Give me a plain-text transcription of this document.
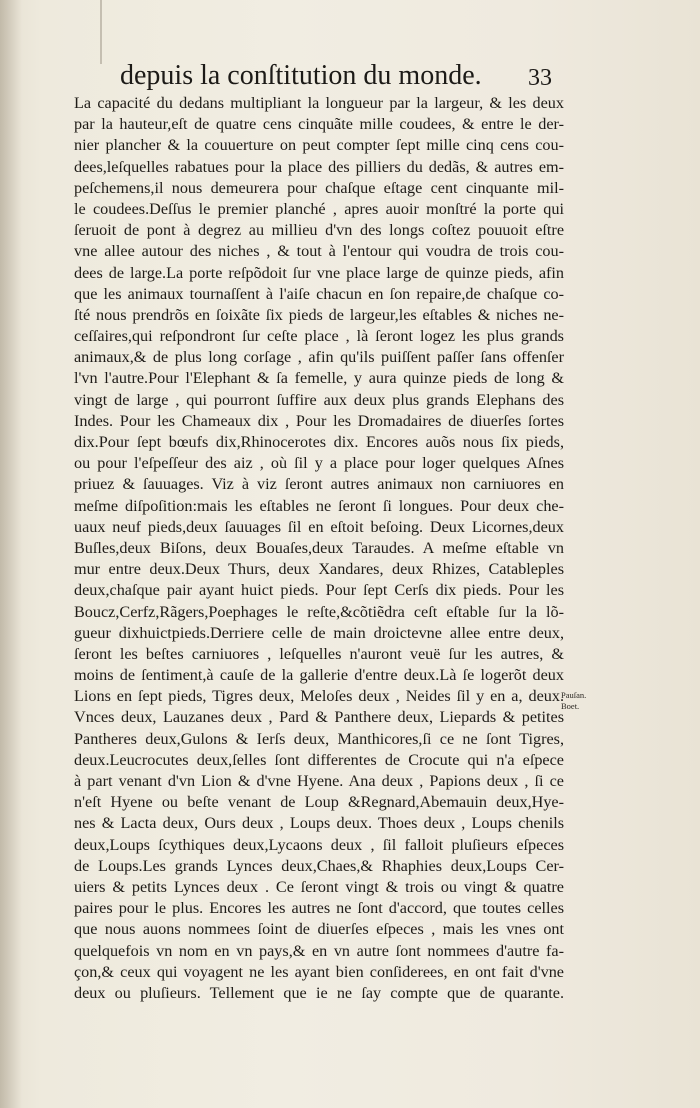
depuis la conſtitution du monde. 33
La capacité du dedans multipliant la longueur par la largeur, & les deux
par la hauteur,eſt de quatre cens cinquãte mille coudees, & entre le der-
nier plancher & la couuerture on peut compter ſept mille cinq cens cou-
dees,leſquelles rabatues pour la place des pilliers du dedãs, & autres em-
peſchemens,il nous demeurera pour chaſque eſtage cent cinquante mil-
le coudees.Deſſus le premier planché , apres auoir monſtré la porte qui
ſeruoit de pont à degrez au millieu d'vn des longs coſtez pouuoit eſtre
vne allee autour des niches , & tout à l'entour qui voudra de trois cou-
dees de large.La porte reſpõdoit ſur vne place large de quinze pieds, afin
que les animaux tournaſſent à l'aiſe chacun en ſon repaire,de chaſque co-
ſté nous prendrõs en ſoixãte ſix pieds de largeur,les eſtables & niches ne-
ceſſaires,qui reſpondront ſur ceſte place , là ſeront logez les plus grands
animaux,& de plus long corſage , afin qu'ils puiſſent paſſer ſans offenſer
l'vn l'autre.Pour l'Elephant & ſa femelle, y aura quinze pieds de long &
vingt de large , qui pourront ſuffire aux deux plus grands Elephans des
Indes. Pour les Chameaux dix , Pour les Dromadaires de diuerſes ſortes
dix.Pour ſept bœufs dix,Rhinocerotes dix. Encores auõs nous ſix pieds,
ou pour l'eſpeſſeur des aiz , où ſil y a place pour loger quelques Aſnes
priuez & ſauuages. Viz à viz ſeront autres animaux non carniuores en
meſme diſpoſition:mais les eſtables ne ſeront ſi longues. Pour deux che-
uaux neuf pieds,deux ſauuages ſil en eſtoit beſoing. Deux Licornes,deux
Buſles,deux Biſons, deux Bouaſes,deux Taraudes. A meſme eſtable vn
mur entre deux.Deux Thurs, deux Xandares, deux Rhizes, Catableples
deux,chaſque pair ayant huict pieds. Pour ſept Cerſs dix pieds. Pour les
Boucz,Cerfz,Rãgers,Poephages le reſte,&cõtiẽdra ceſt eſtable ſur la lõ-
gueur dixhuictpieds.Derriere celle de main droictevne allee entre deux,
ſeront les beſtes carniuores , leſquelles n'auront veuë ſur les autres, &
moins de ſentiment,à cauſe de la gallerie d'entre deux.Là ſe logerõt deux
Lions en ſept pieds, Tigres deux, Meloſes deux , Neides ſil y en a, deux.
Vnces deux, Lauzanes deux , Pard & Panthere deux, Liepards & petites
Pantheres deux,Gulons & Ierſs deux, Manthicores,ſi ce ne ſont Tigres,
deux.Leucrocutes deux,ſelles ſont differentes de Crocute qui n'a eſpece
à part venant d'vn Lion & d'vne Hyene. Ana deux , Papions deux , ſi ce
n'eſt Hyene ou beſte venant de Loup &Regnard,Abemauin deux,Hye-
nes & Lacta deux, Ours deux , Loups deux. Thoes deux , Loups chenils
deux,Loups ſcythiques deux,Lycaons deux , ſil falloit pluſieurs eſpeces
de Loups.Les grands Lynces deux,Chaes,& Rhaphies deux,Loups Cer-
uiers & petits Lynces deux . Ce ſeront vingt & trois ou vingt & quatre
paires pour le plus. Encores les autres ne ſont d'accord, que toutes celles
que nous auons nommees ſoint de diuerſes eſpeces , mais les vnes ont
quelquefois vn nom en vn pays,& en vn autre ſont nommees d'autre fa-
çon,& ceux qui voyagent ne les ayant bien conſiderees, en ont fait d'vne
deux ou pluſieurs. Tellement que ie ne ſay compte que de quarante.
Pauſan.
Boet.
